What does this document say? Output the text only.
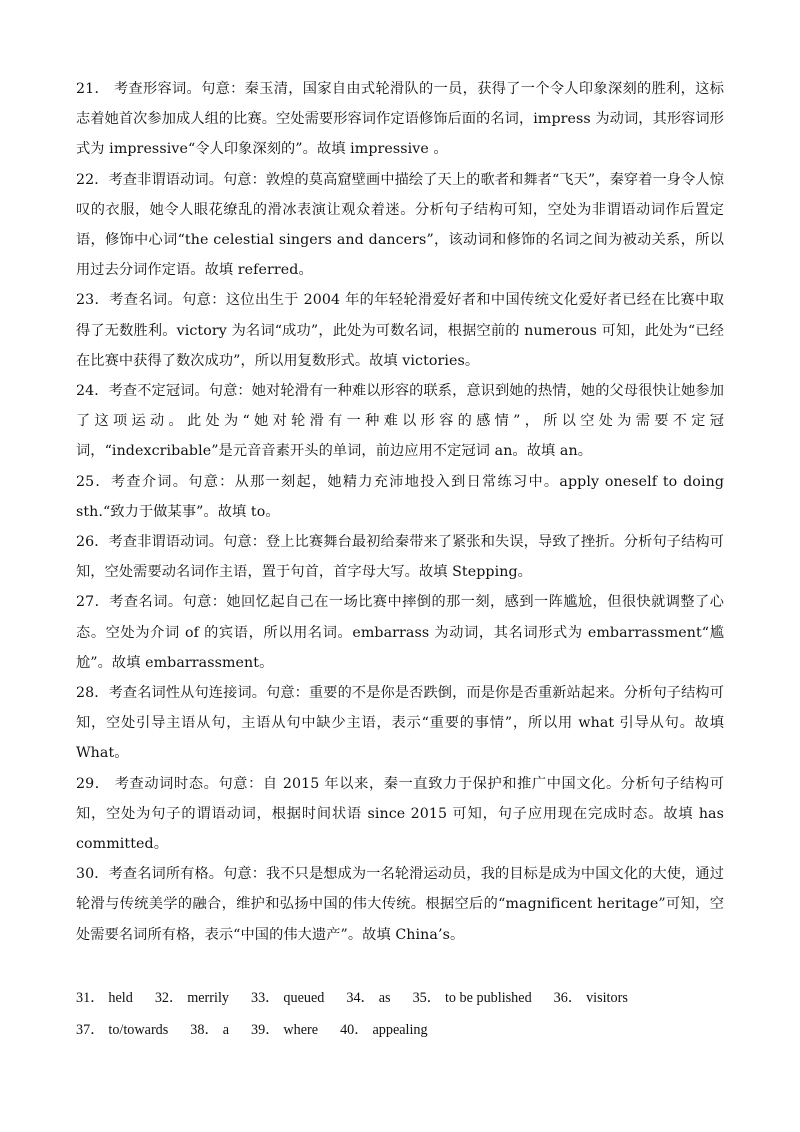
21． 考查形容词。句意：秦玉清，国家自由式轮滑队的一员，获得了一个令人印象深刻的胜利，这标志着她首次参加成人组的比赛。空处需要形容词作定语修饰后面的名词，impress 为动词，其形容词形式为 impressive“令人印象深刻的”。故填 impressive 。

22．考查非谓语动词。句意：敦煌的莫高窟壁画中描绘了天上的歌者和舞者“飞天”，秦穿着一身令人惊叹的衣服，她令人眼花缭乱的滑冰表演让观众着迷。分析句子结构可知，空处为非谓语动词作后置定语，修饰中心词“the celestial singers and dancers”，该动词和修饰的名词之间为被动关系，所以用过去分词作定语。故填 referred。

23．考查名词。句意：这位出生于 2004 年的年轻轮滑爱好者和中国传统文化爱好者已经在比赛中取得了无数胜利。victory 为名词“成功”，此处为可数名词，根据空前的 numerous 可知，此处为“已经在比赛中获得了数次成功”，所以用复数形式。故填 victories。

24．考查不定冠词。句意：她对轮滑有一种难以形容的联系，意识到她的热情，她的父母很快让她参加了这项运动。此处为“她对轮滑有一种难以形容的感情”，所以空处为需要不定冠词，“indexcribable”是元音音素开头的单词，前边应用不定冠词 an。故填 an。

25．考查介词。句意：从那一刻起，她精力充沛地投入到日常练习中。apply oneself to doing sth.“致力于做某事”。故填 to。

26．考查非谓语动词。句意：登上比赛舞台最初给秦带来了紧张和失误，导致了挫折。分析句子结构可知，空处需要动名词作主语，置于句首，首字母大写。故填 Stepping。

27．考查名词。句意：她回忆起自己在一场比赛中摔倒的那一刻，感到一阵尴尬，但很快就调整了心态。空处为介词 of 的宾语，所以用名词。embarrass 为动词，其名词形式为 embarrassment“尴尬”。故填 embarrassment。

28．考查名词性从句连接词。句意：重要的不是你是否跌倒，而是你是否重新站起来。分析句子结构可知，空处引导主语从句，主语从句中缺少主语，表示“重要的事情”，所以用 what 引导从句。故填 What。

29． 考查动词时态。句意：自 2015 年以来，秦一直致力于保护和推广中国文化。分析句子结构可知，空处为句子的谓语动词，根据时间状语 since 2015 可知，句子应用现在完成时态。故填 has committed。

30．考查名词所有格。句意：我不只是想成为一名轮滑运动员，我的目标是成为中国文化的大使，通过轮滑与传统美学的融合，维护和弘扬中国的伟大传统。根据空后的“magnificent heritage”可知，空处需要名词所有格，表示“中国的伟大遗产”。故填 China’s。

31． held 32． merrily 33． queued 34． as 35． to be published 36． visitors
37． to/towards 38． a 39． where 40． appealing
